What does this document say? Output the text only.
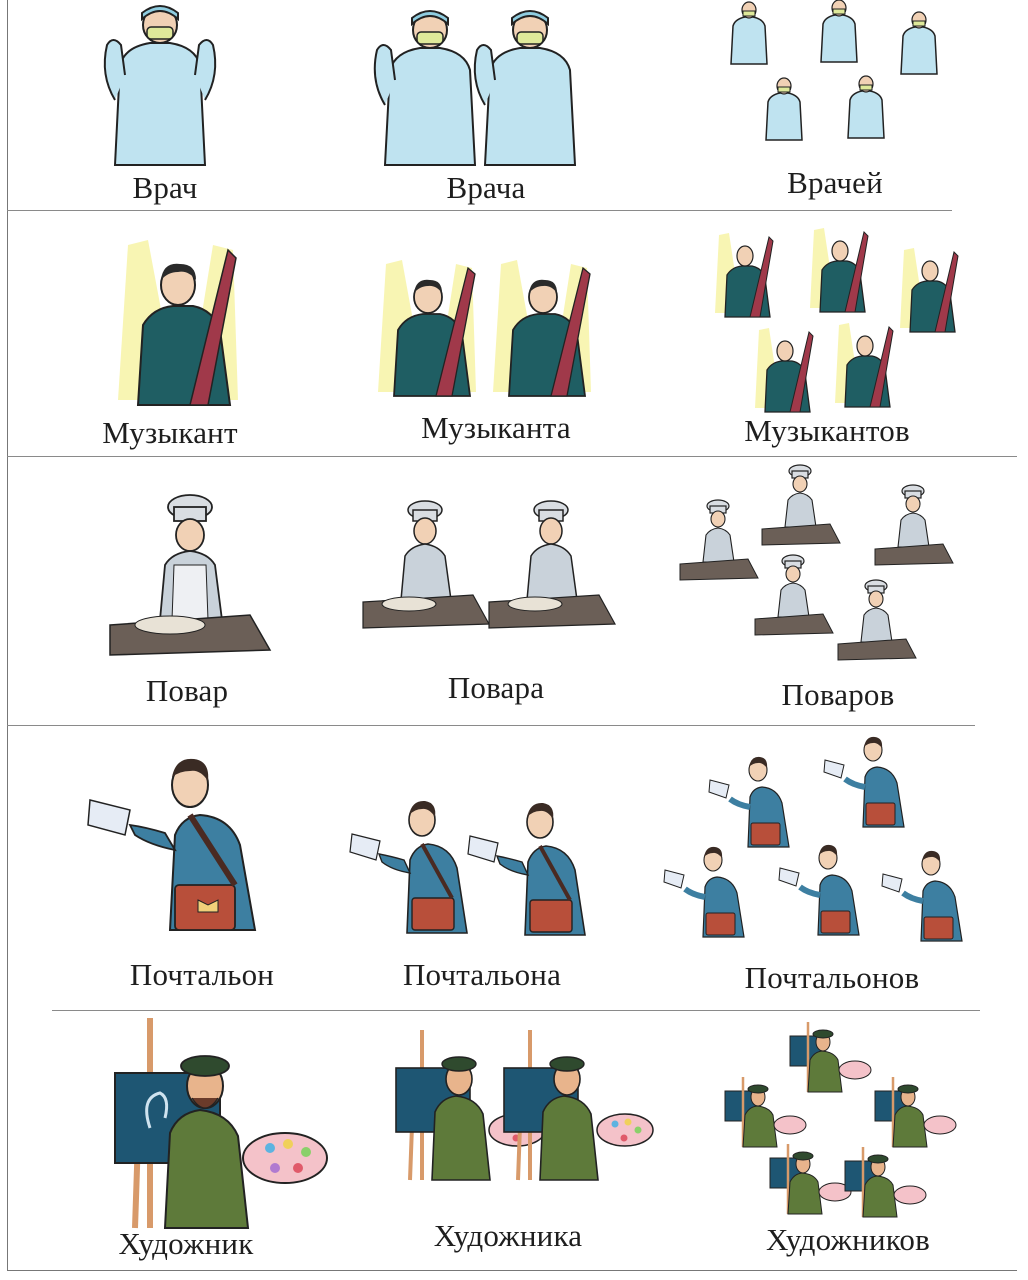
Врач	Врача	Врачей
Музыкант	Музыканта	Музыкантов
Повар	Повара	Поваров
Почтальон	Почтальона	Почтальонов
Художник	Художника	Художников
